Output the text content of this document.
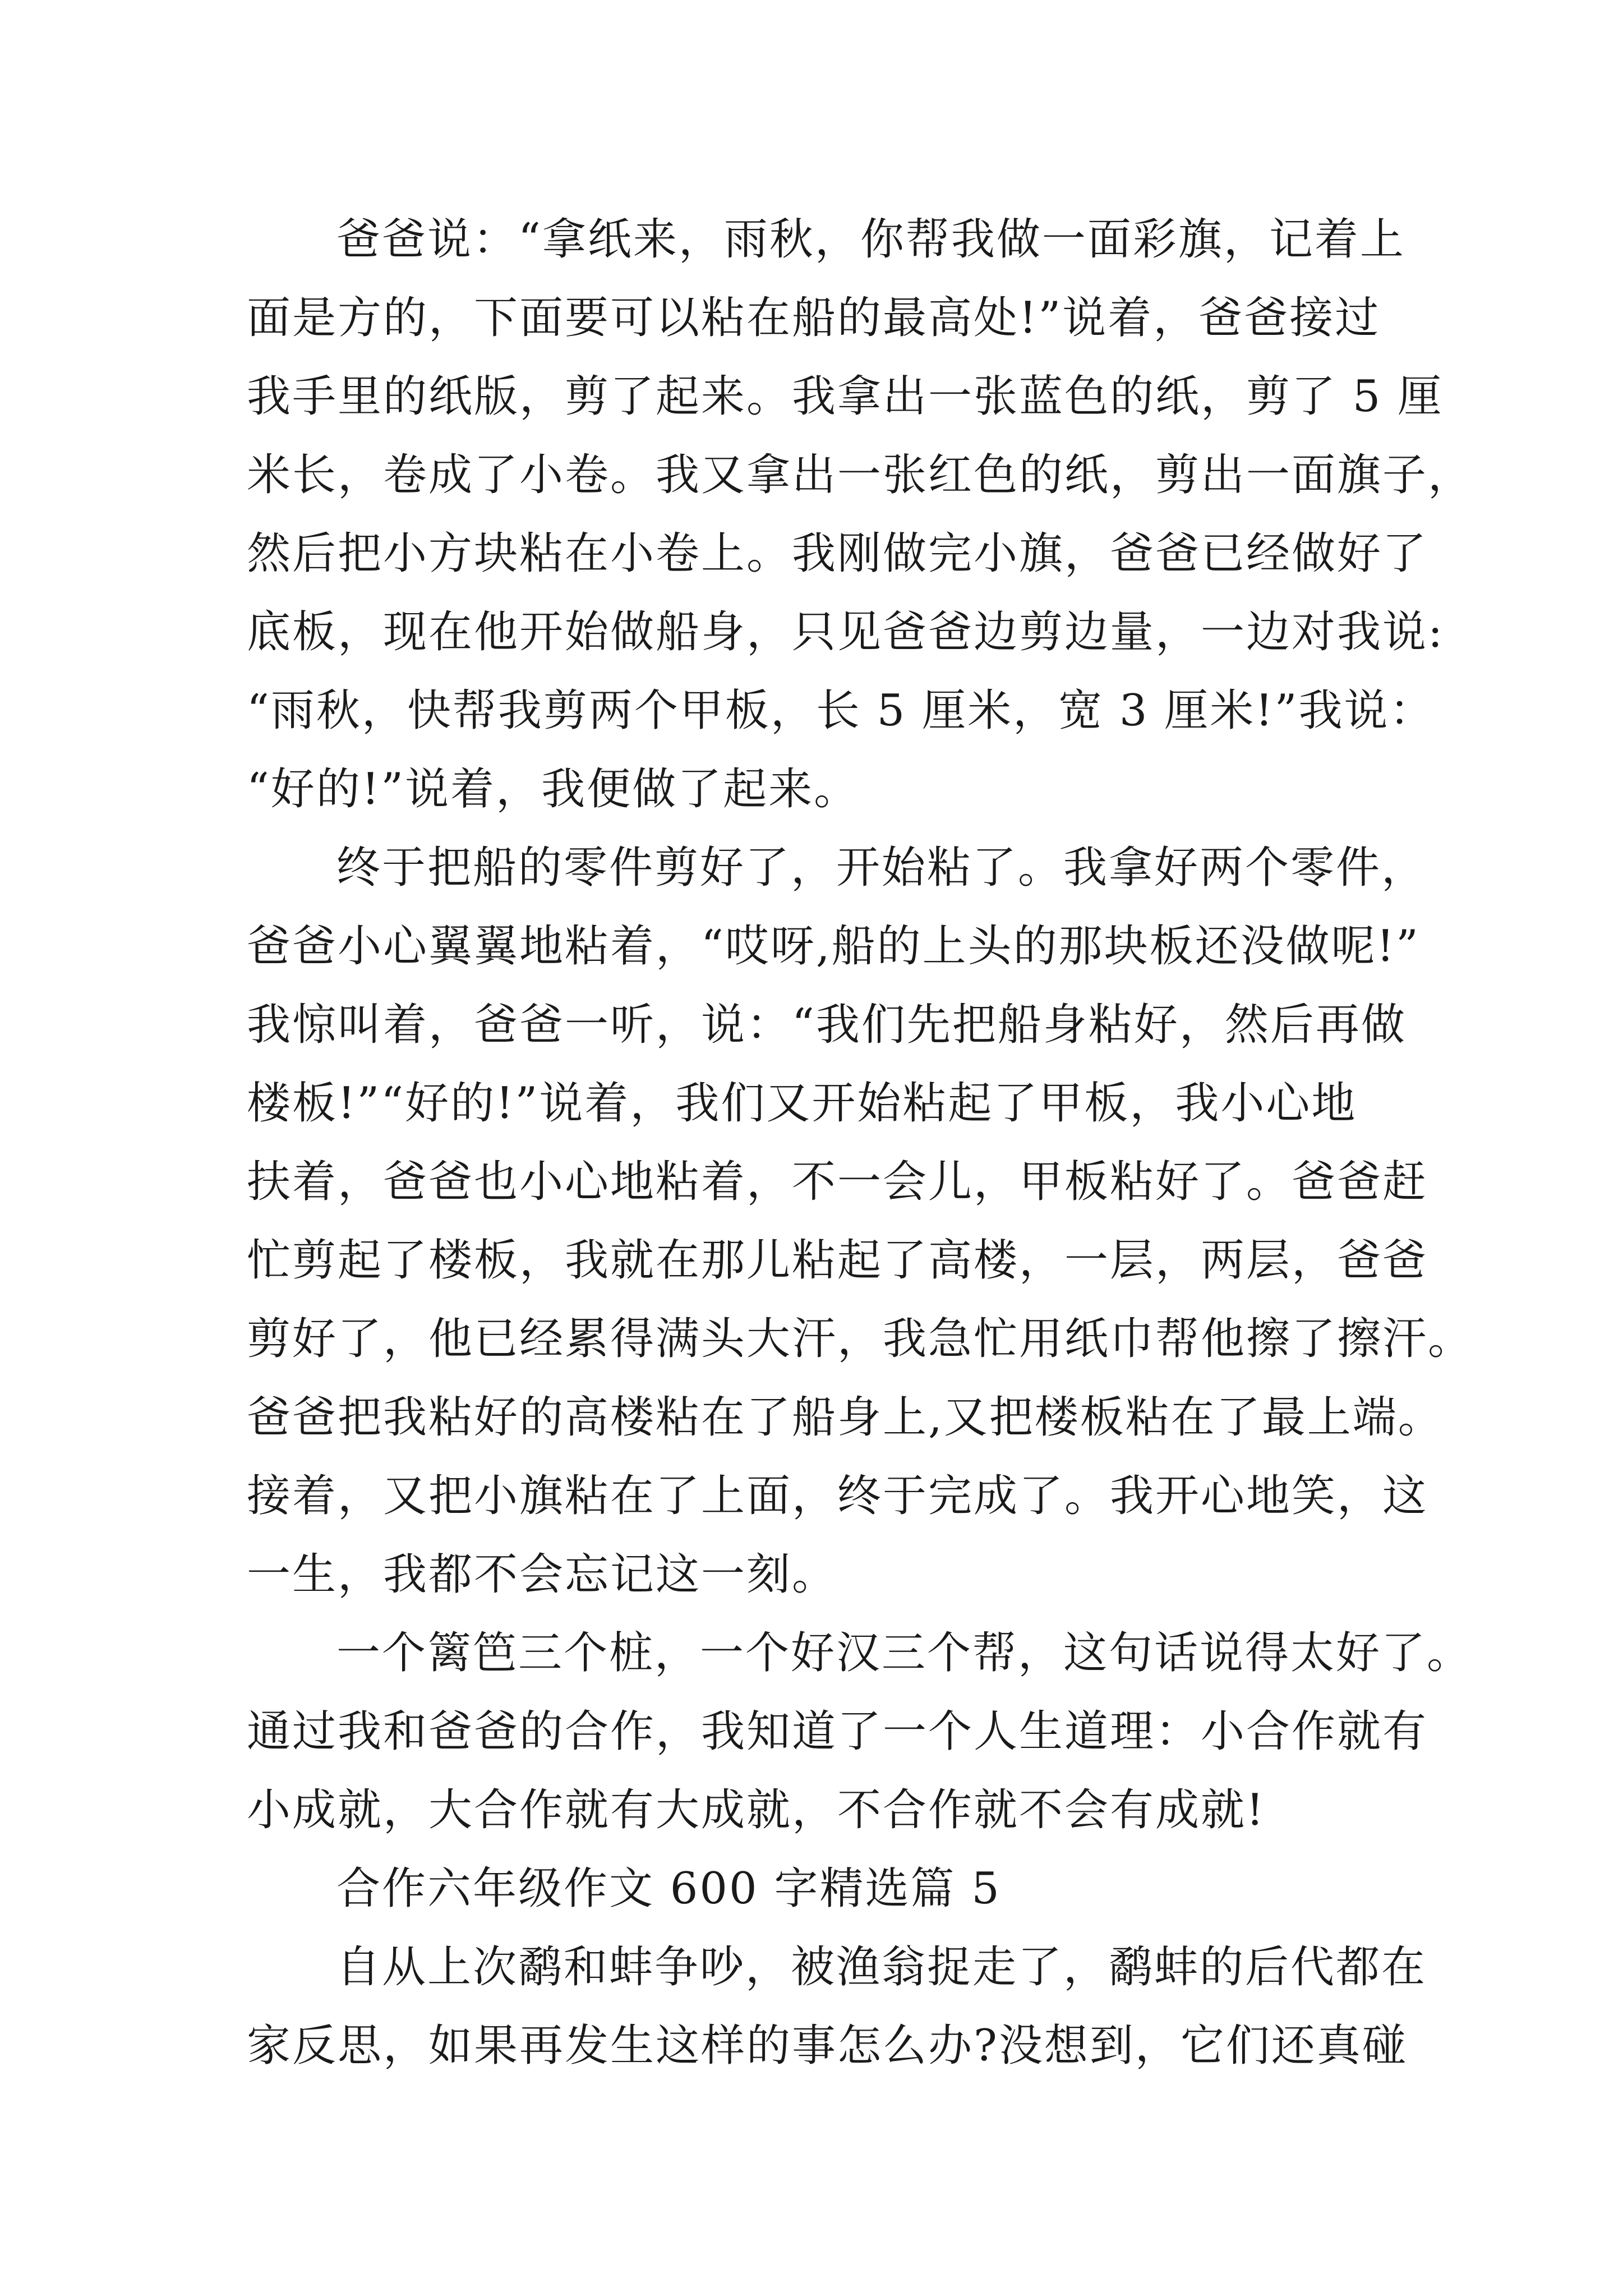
爸爸说：“拿纸来，雨秋，你帮我做一面彩旗，记着上
面是方的，下面要可以粘在船的最高处!”说着，爸爸接过
我手里的纸版，剪了起来。我拿出一张蓝色的纸，剪了 5 厘
米长，卷成了小卷。我又拿出一张红色的纸，剪出一面旗子，
然后把小方块粘在小卷上。我刚做完小旗，爸爸已经做好了
底板，现在他开始做船身，只见爸爸边剪边量，一边对我说:
“雨秋，快帮我剪两个甲板，长 5 厘米，宽 3 厘米!”我说：
“好的!”说着，我便做了起来。
终于把船的零件剪好了，开始粘了。我拿好两个零件，
爸爸小心翼翼地粘着，“哎呀,船的上头的那块板还没做呢!”
我惊叫着，爸爸一听，说：“我们先把船身粘好，然后再做
楼板!”“好的!”说着，我们又开始粘起了甲板，我小心地
扶着，爸爸也小心地粘着，不一会儿，甲板粘好了。爸爸赶
忙剪起了楼板，我就在那儿粘起了高楼，一层，两层，爸爸
剪好了，他已经累得满头大汗，我急忙用纸巾帮他擦了擦汗。
爸爸把我粘好的高楼粘在了船身上,又把楼板粘在了最上端。
接着，又把小旗粘在了上面，终于完成了。我开心地笑，这
一生，我都不会忘记这一刻。
一个篱笆三个桩，一个好汉三个帮，这句话说得太好了。
通过我和爸爸的合作，我知道了一个人生道理：小合作就有
小成就，大合作就有大成就，不合作就不会有成就!
合作六年级作文 600 字精选篇 5
自从上次鹬和蚌争吵，被渔翁捉走了，鹬蚌的后代都在
家反思，如果再发生这样的事怎么办?没想到，它们还真碰
